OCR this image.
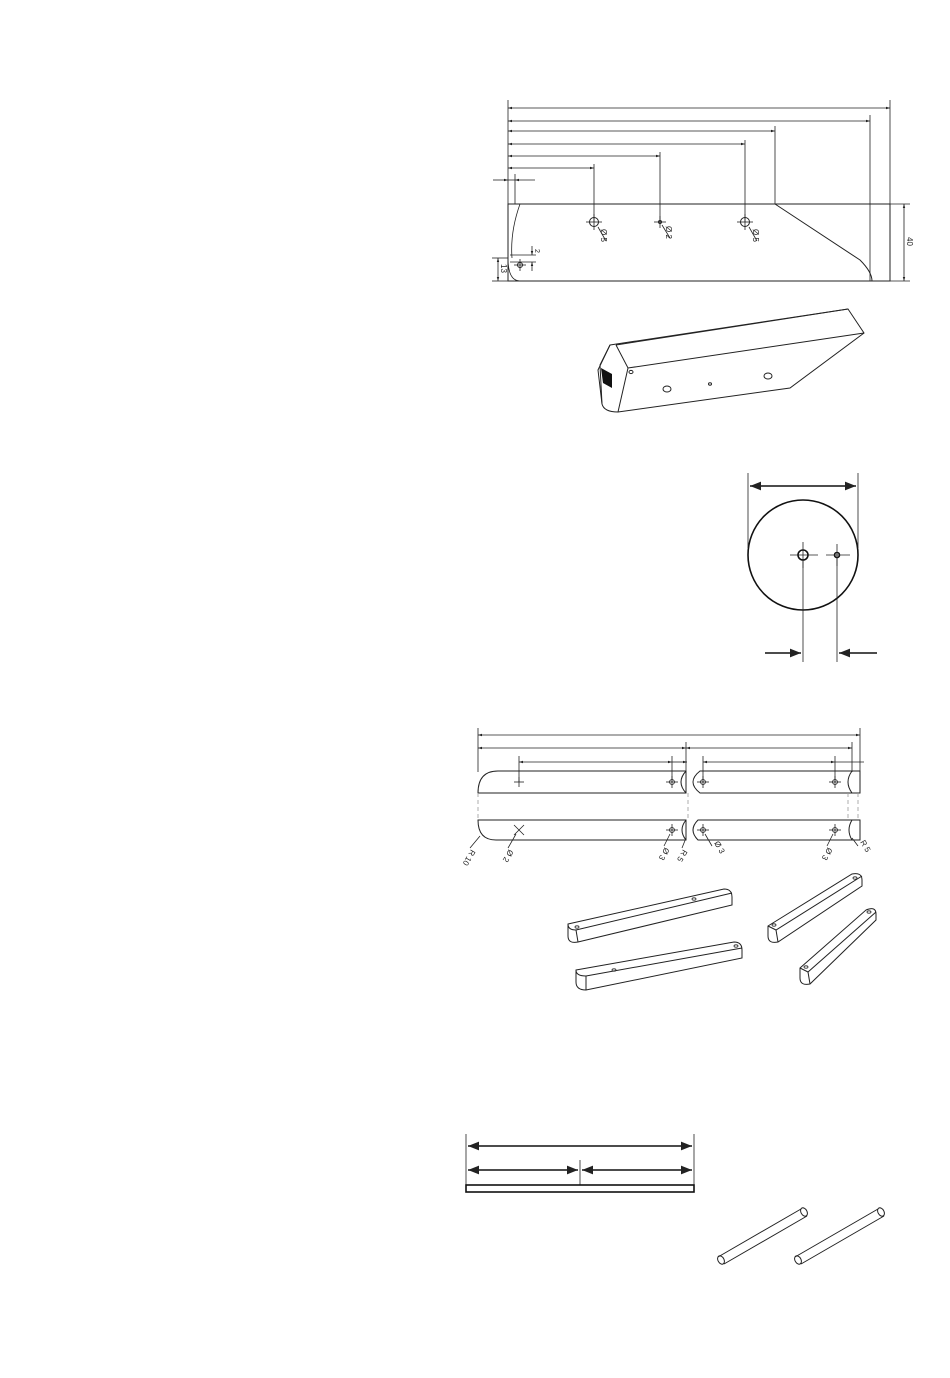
Ø 5	Ø 2	Ø 5	40
13
2
R 10	Ø 2	Ø 3 R 5
Ø 3	Ø 3	R 5
